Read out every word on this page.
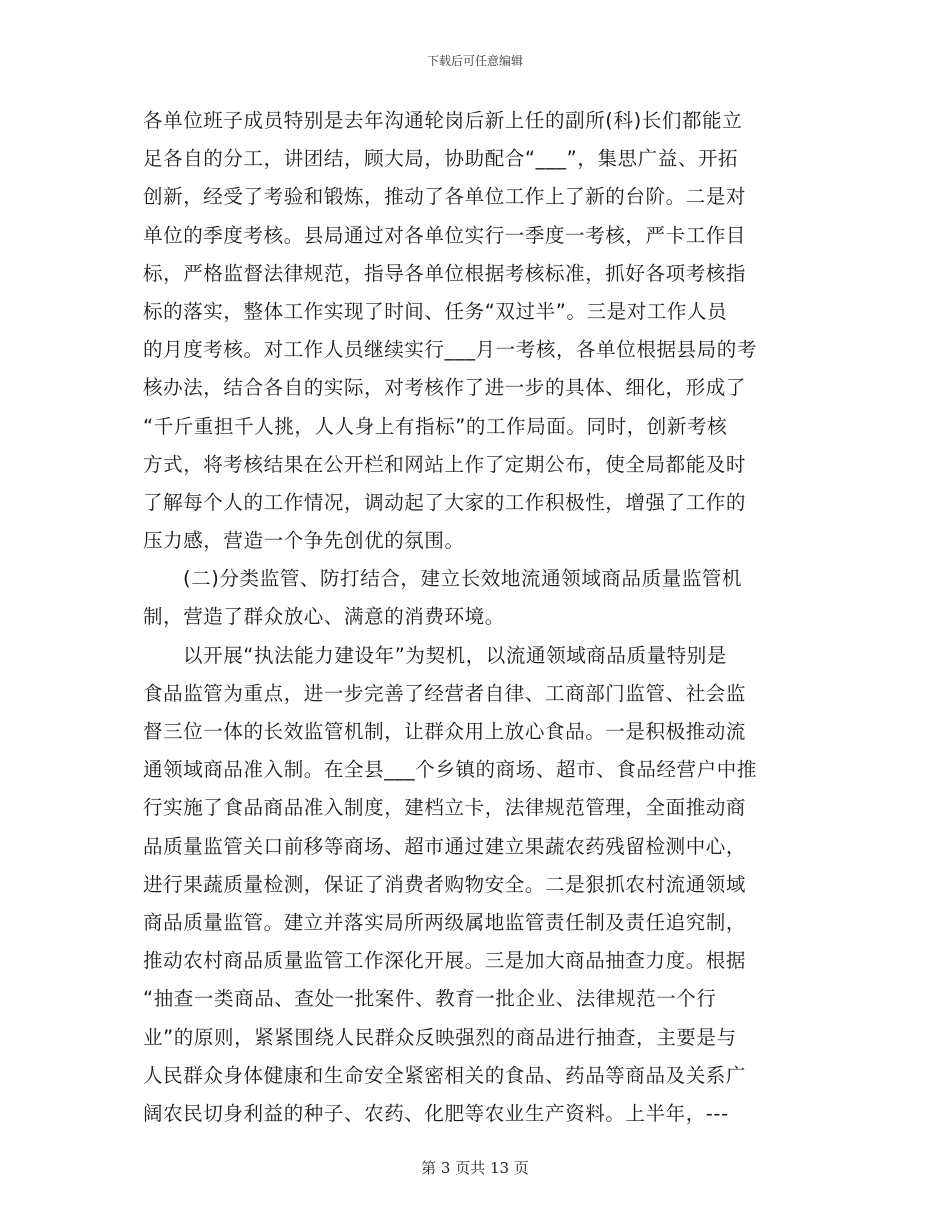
下载后可任意编辑
各单位班子成员特别是去年沟通轮岗后新上任的副所(科)长们都能立
足各自的分工，讲团结，顾大局，协助配合“___”，集思广益、开拓
创新，经受了考验和锻炼，推动了各单位工作上了新的台阶。二是对
单位的季度考核。县局通过对各单位实行一季度一考核，严卡工作目
标，严格监督法律规范，指导各单位根据考核标准，抓好各项考核指
标的落实，整体工作实现了时间、任务“双过半”。三是对工作人员
的月度考核。对工作人员继续实行___月一考核，各单位根据县局的考
核办法，结合各自的实际，对考核作了进一步的具体、细化，形成了
“千斤重担千人挑，人人身上有指标”的工作局面。同时，创新考核
方式，将考核结果在公开栏和网站上作了定期公布，使全局都能及时
了解每个人的工作情况，调动起了大家的工作积极性，增强了工作的
压力感，营造一个争先创优的氛围。
(二)分类监管、防打结合，建立长效地流通领域商品质量监管机
制，营造了群众放心、满意的消费环境。
以开展“执法能力建设年”为契机，以流通领域商品质量特别是
食品监管为重点，进一步完善了经营者自律、工商部门监管、社会监
督三位一体的长效监管机制，让群众用上放心食品。一是积极推动流
通领域商品准入制。在全县___个乡镇的商场、超市、食品经营户中推
行实施了食品商品准入制度，建档立卡，法律规范管理，全面推动商
品质量监管关口前移等商场、超市通过建立果蔬农药残留检测中心，
进行果蔬质量检测，保证了消费者购物安全。二是狠抓农村流通领域
商品质量监管。建立并落实局所两级属地监管责任制及责任追究制，
推动农村商品质量监管工作深化开展。三是加大商品抽查力度。根据
“抽查一类商品、查处一批案件、教育一批企业、法律规范一个行
业”的原则，紧紧围绕人民群众反映强烈的商品进行抽查，主要是与
人民群众身体健康和生命安全紧密相关的食品、药品等商品及关系广
阔农民切身利益的种子、农药、化肥等农业生产资料。上半年，---
第 3 页共 13 页
